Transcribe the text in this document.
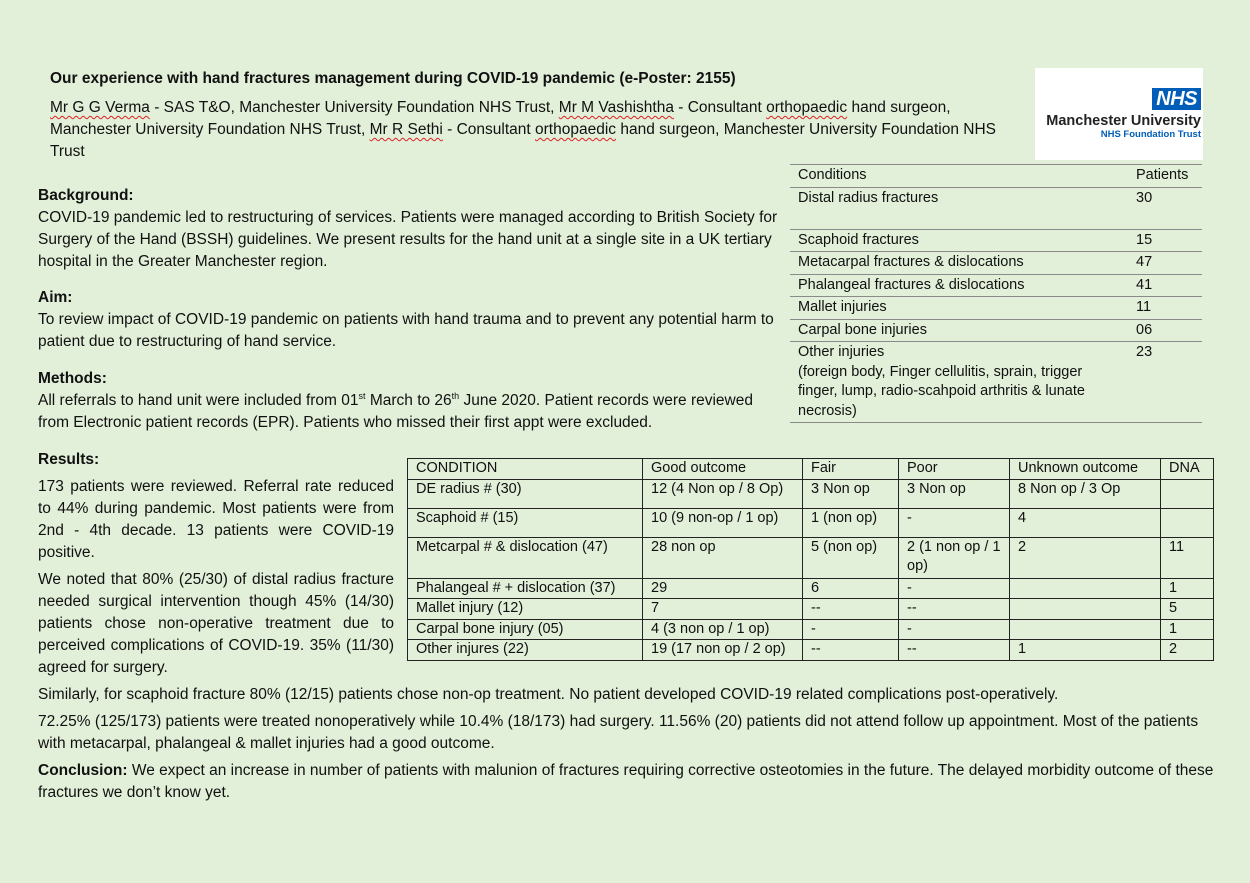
Our experience with hand fractures management during COVID-19 pandemic (e-Poster: 2155)
Mr G G Verma - SAS T&O, Manchester University Foundation NHS Trust, Mr M Vashishtha - Consultant orthopaedic hand surgeon, Manchester University Foundation NHS Trust, Mr R Sethi - Consultant orthopaedic hand surgeon, Manchester University Foundation NHS Trust
NHS
Manchester University
NHS Foundation Trust
Background:

COVID-19 pandemic led to restructuring of services. Patients were managed according to British Society for Surgery of the Hand (BSSH) guidelines. We present results for the hand unit at a single site in a UK tertiary hospital in the Greater Manchester region.

Aim:

To review impact of COVID-19 pandemic on patients with hand trauma and to prevent any potential harm to patient due to restructuring of hand service.

Methods:

All referrals to hand unit were included from 01st March to 26th June 2020. Patient records were reviewed from Electronic patient records (EPR). Patients who missed their first appt were excluded.

Conditions	Patients
Distal radius fractures	30
Scaphoid fractures	15
Metacarpal fractures & dislocations	47
Phalangeal fractures & dislocations	41
Mallet injuries	11
Carpal bone injuries	06

Other injuries
(foreign body, Finger cellulitis, sprain, trigger finger, lump, radio-scahpoid arthritis & lunate necrosis)	23
Results:

173 patients were reviewed. Referral rate reduced to 44% during pandemic. Most patients were from 2nd - 4th decade. 13 patients were COVID-19 positive.

We noted that 80% (25/30) of distal radius fracture needed surgical intervention though 45% (14/30) patients chose non-operative treatment due to perceived complications of COVID-19. 35% (11/30) agreed for surgery.

CONDITION	Good outcome	Fair	Poor	Unknown outcome	DNA
DE radius # (30)	12 (4 Non op / 8 Op)	3 Non op	3 Non op	8 Non op / 3 Op	
Scaphoid # (15)	10 (9 non-op / 1 op)	1 (non op)	-	4	
Metcarpal # & dislocation (47)	28 non op	5 (non op)	2 (1 non op / 1 op)	2	11
Phalangeal # + dislocation (37)	29	6	-		1
Mallet injury (12)	7	--	--		5
Carpal bone injury (05)	4 (3 non op / 1 op)	-	-		1
Other injures (22)	19 (17 non op / 2 op)	--	--	1	2

Similarly, for scaphoid fracture 80% (12/15) patients chose non-op treatment. No patient developed COVID-19 related complications post-operatively.

72.25% (125/173) patients were treated nonoperatively while 10.4% (18/173) had surgery. 11.56% (20) patients did not attend follow up appointment. Most of the patients with metacarpal, phalangeal & mallet injuries had a good outcome.

Conclusion: We expect an increase in number of patients with malunion of fractures requiring corrective osteotomies in the future. The delayed morbidity outcome of these fractures we don’t know yet.
